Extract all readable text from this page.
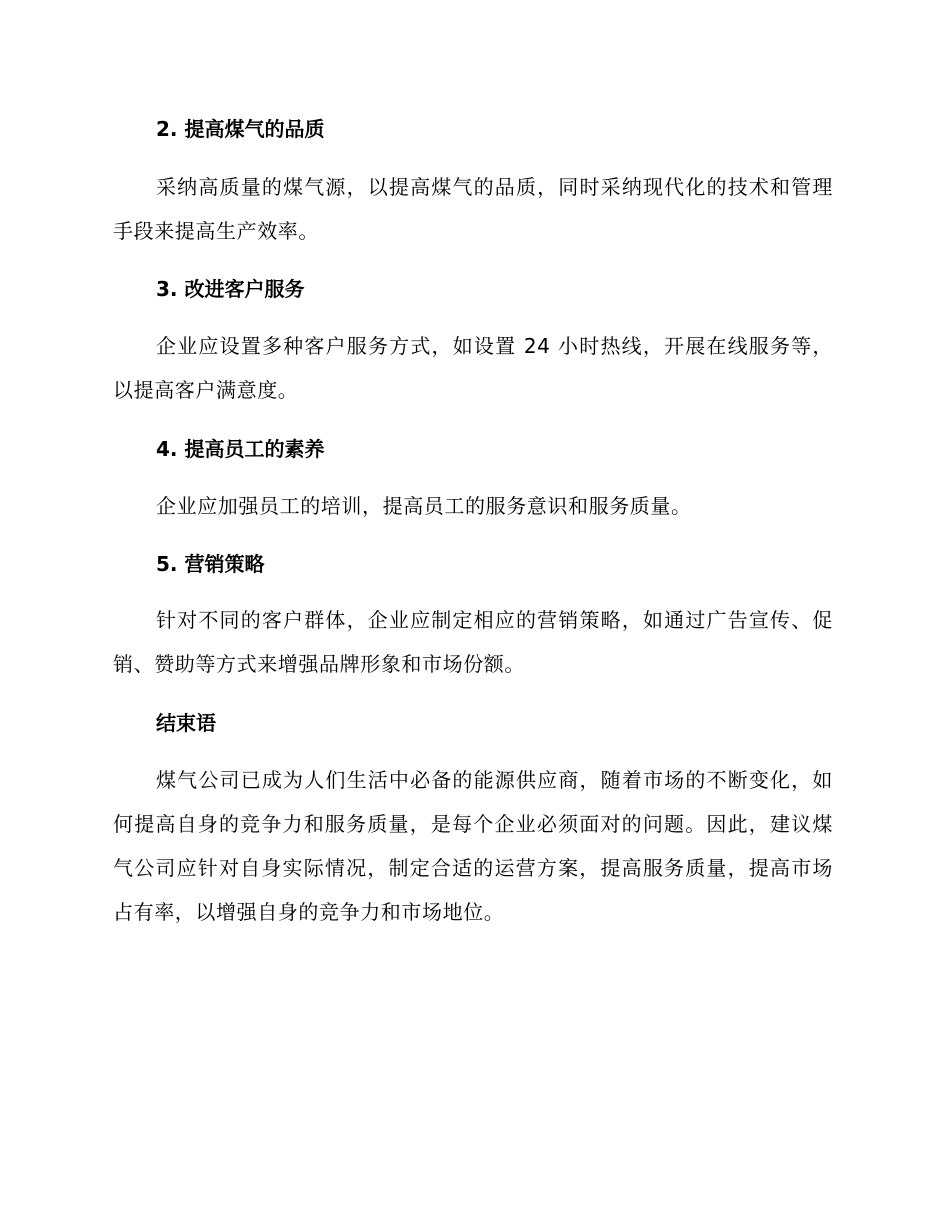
2. 提高煤气的品质

采纳高质量的煤气源，以提高煤气的品质，同时采纳现代化的技术和管理手段来提高生产效率。

3. 改进客户服务

企业应设置多种客户服务方式，如设置 24 小时热线，开展在线服务等，以提高客户满意度。

4. 提高员工的素养

企业应加强员工的培训，提高员工的服务意识和服务质量。

5. 营销策略

针对不同的客户群体，企业应制定相应的营销策略，如通过广告宣传、促销、赞助等方式来增强品牌形象和市场份额。

结束语

煤气公司已成为人们生活中必备的能源供应商，随着市场的不断变化，如何提高自身的竞争力和服务质量，是每个企业必须面对的问题。因此，建议煤气公司应针对自身实际情况，制定合适的运营方案，提高服务质量，提高市场占有率，以增强自身的竞争力和市场地位。
